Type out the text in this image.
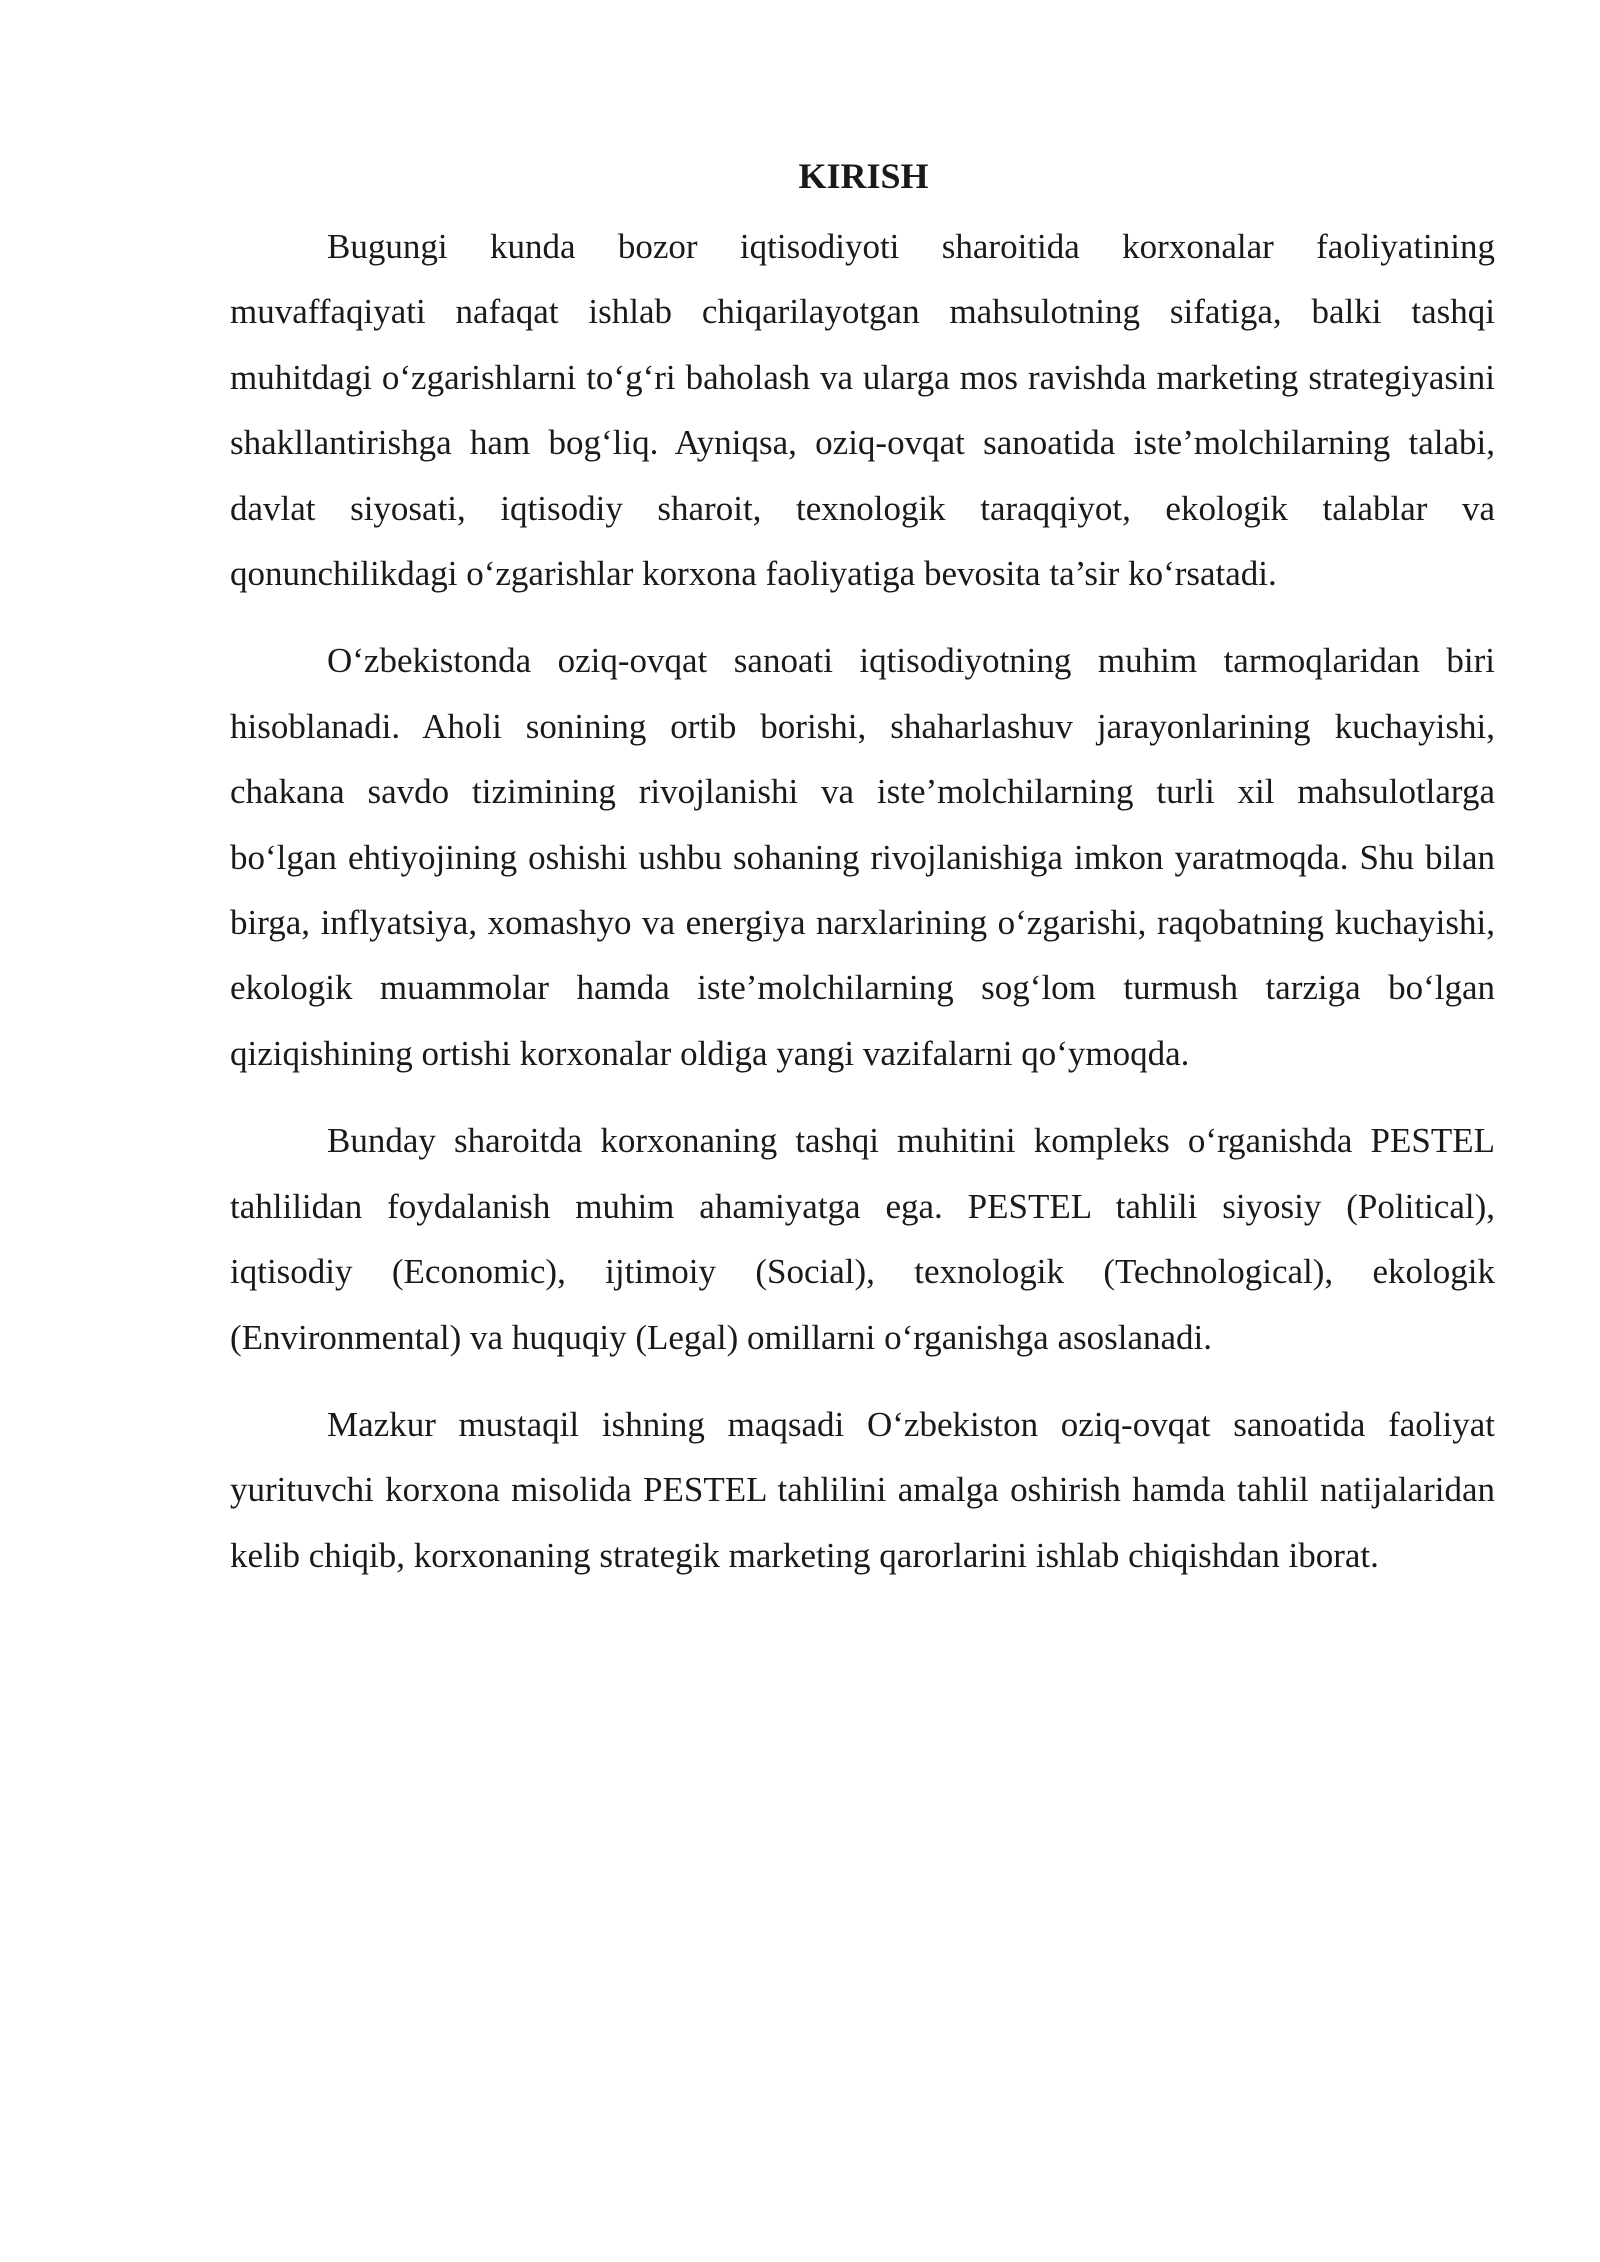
KIRISH

Bugungi kunda bozor iqtisodiyoti sharoitida korxonalar faoliyatining muvaffaqiyati nafaqat ishlab chiqarilayotgan mahsulotning sifatiga, balki tashqi muhitdagi o‘zgarishlarni to‘g‘ri baholash va ularga mos ravishda marketing strategiyasini shakllantirishga ham bog‘liq. Ayniqsa, oziq-ovqat sanoatida iste’molchilarning talabi, davlat siyosati, iqtisodiy sharoit, texnologik taraqqiyot, ekologik talablar va qonunchilikdagi o‘zgarishlar korxona faoliyatiga bevosita ta’sir ko‘rsatadi.

O‘zbekistonda oziq-ovqat sanoati iqtisodiyotning muhim tarmoqlaridan biri hisoblanadi. Aholi sonining ortib borishi, shaharlashuv jarayonlarining kuchayishi, chakana savdo tizimining rivojlanishi va iste’molchilarning turli xil mahsulotlarga bo‘lgan ehtiyojining oshishi ushbu sohaning rivojlanishiga imkon yaratmoqda. Shu bilan birga, inflyatsiya, xomashyo va energiya narxlarining o‘zgarishi, raqobatning kuchayishi, ekologik muammolar hamda iste’molchilarning sog‘lom turmush tarziga bo‘lgan qiziqishining ortishi korxonalar oldiga yangi vazifalarni qo‘ymoqda.

Bunday sharoitda korxonaning tashqi muhitini kompleks o‘rganishda PESTEL tahlilidan foydalanish muhim ahamiyatga ega. PESTEL tahlili siyosiy (Political), iqtisodiy (Economic), ijtimoiy (Social), texnologik (Technological), ekologik (Environmental) va huquqiy (Legal) omillarni o‘rganishga asoslanadi.

Mazkur mustaqil ishning maqsadi O‘zbekiston oziq-ovqat sanoatida faoliyat yurituvchi korxona misolida PESTEL tahlilini amalga oshirish hamda tahlil natijalaridan kelib chiqib, korxonaning strategik marketing qarorlarini ishlab chiqishdan iborat.
